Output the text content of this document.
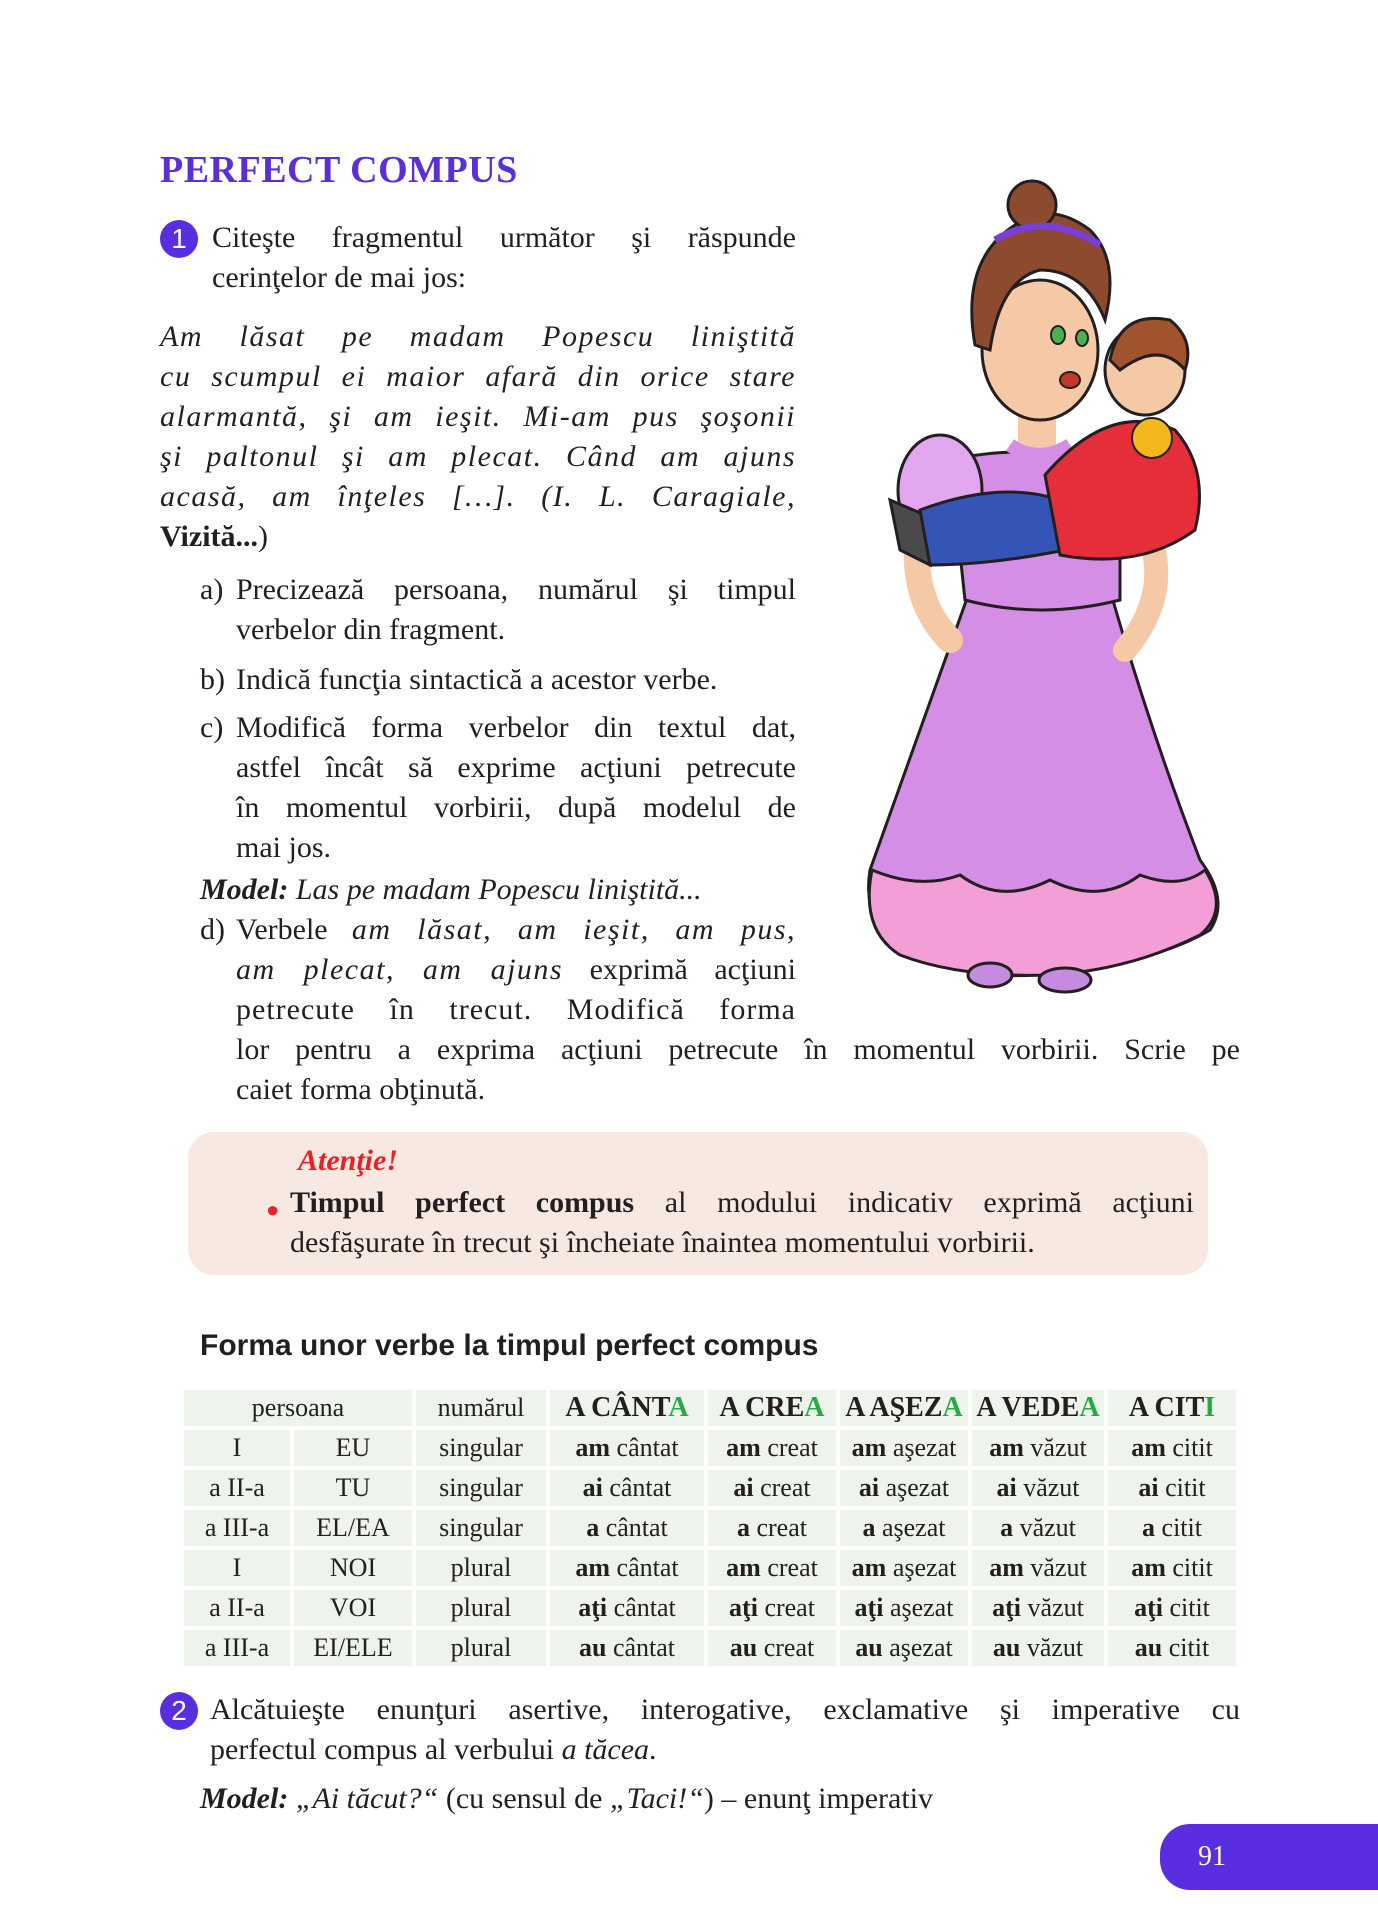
PERFECT COMPUS
1 Citeşte fragmentul următor şi răspunde
cerinţelor de mai jos:
Am lăsat pe madam Popescu liniştită
cu scumpul ei maior afară din orice stare
alarmantă, şi am ieşit. Mi-am pus şoşonii
şi paltonul şi am plecat. Când am ajuns
acasă, am înţeles […]. (I. L. Caragiale,
Vizită...)
a) Precizează persoana, numărul şi timpul
verbelor din fragment.
b) Indică funcţia sintactică a acestor verbe.
c) Modifică forma verbelor din textul dat,
astfel încât să exprime acţiuni petrecute
în momentul vorbirii, după modelul de
mai jos.
Model: Las pe madam Popescu liniştită...
d) Verbele am lăsat, am ieşit, am pus,
am plecat, am ajuns exprimă acţiuni
petrecute în trecut. Modifică forma
lor pentru a exprima acţiuni petrecute în momentul vorbirii. Scrie pe
caiet forma obţinută.
Atenţie!
● Timpul perfect compus al modului indicativ exprimă acţiuni
desfăşurate în trecut şi încheiate înaintea momentului vorbirii.
Forma unor verbe la timpul perfect compus
persoana		numărul	A CÂNTA	A CREA	A AŞEZA	A VEDEA	A CITI
I	EU	singular	am cântat	am creat	am aşezat	am văzut	am citit
a II-a	TU	singular	ai cântat	ai creat	ai aşezat	ai văzut	ai citit
a III-a	EL/EA	singular	a cântat	a creat	a aşezat	a văzut	a citit
I	NOI	plural	am cântat	am creat	am aşezat	am văzut	am citit
a II-a	VOI	plural	aţi cântat	aţi creat	aţi aşezat	aţi văzut	aţi citit
a III-a	EI/ELE	plural	au cântat	au creat	au aşezat	au văzut	au citit
2 Alcătuieşte enunţuri asertive, interogative, exclamative şi imperative cu
perfectul compus al verbului a tăcea.
Model: „Ai tăcut?“ (cu sensul de „Taci!“) – enunţ imperativ
91
